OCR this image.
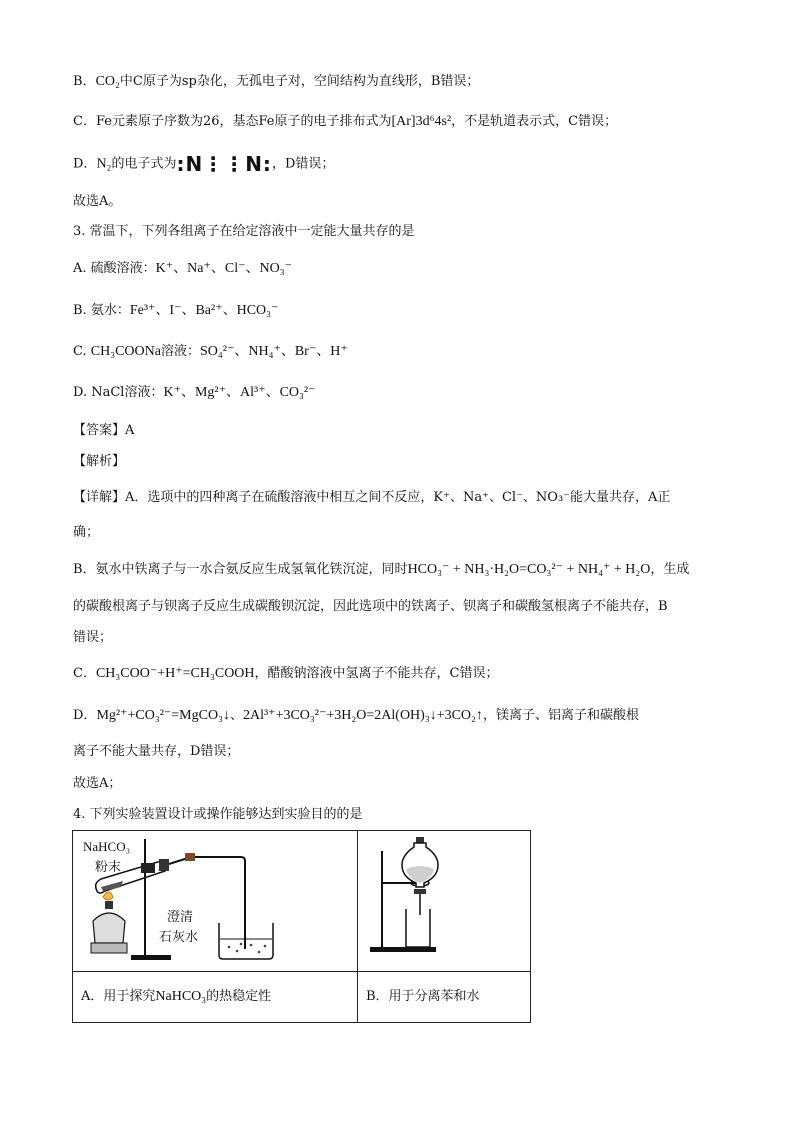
B．CO₂中C原子为sp杂化，无孤电子对，空间结构为直线形，B错误；
C．Fe元素原子序数为26，基态Fe原子的电子排布式为[Ar]3d⁶4s²，不是轨道表示式，C错误；
D．N₂的电子式为:N⋮⋮N:，D错误；
故选A。
3. 常温下，下列各组离子在给定溶液中一定能大量共存的是
A. 硫酸溶液：K⁺、Na⁺、Cl⁻、NO₃⁻
B. 氨水：Fe³⁺、I⁻、Ba²⁺、HCO₃⁻
C. CH₃COONa溶液：SO₄²⁻、NH₄⁺、Br⁻、H⁺
D. NaCl溶液：K⁺、Mg²⁺、Al³⁺、CO₃²⁻
【答案】A
【解析】
【详解】A．选项中的四种离子在硫酸溶液中相互之间不反应，K⁺、Na⁺、Cl⁻、NO₃⁻能大量共存，A正
确；
B．氨水中铁离子与一水合氨反应生成氢氧化铁沉淀，同时HCO₃⁻ + NH₃·H₂O=CO₃²⁻ + NH₄⁺ + H₂O，生成
的碳酸根离子与钡离子反应生成碳酸钡沉淀，因此选项中的铁离子、钡离子和碳酸氢根离子不能共存，B
错误；
C．CH₃COO⁻+H⁺=CH₃COOH，醋酸钠溶液中氢离子不能共存，C错误；
D．Mg²⁺+CO₃²⁻=MgCO₃↓、2Al³⁺+3CO₃²⁻+3H₂O=2Al(OH)₃↓+3CO₂↑，镁离子、铝离子和碳酸根
离子不能大量共存，D错误；
故选A；
4. 下列实验装置设计或操作能够达到实验目的的是
NaHCO₃
粉末
澄清
石灰水

A．用于探究NaHCO₃的热稳定性	B．用于分离苯和水
